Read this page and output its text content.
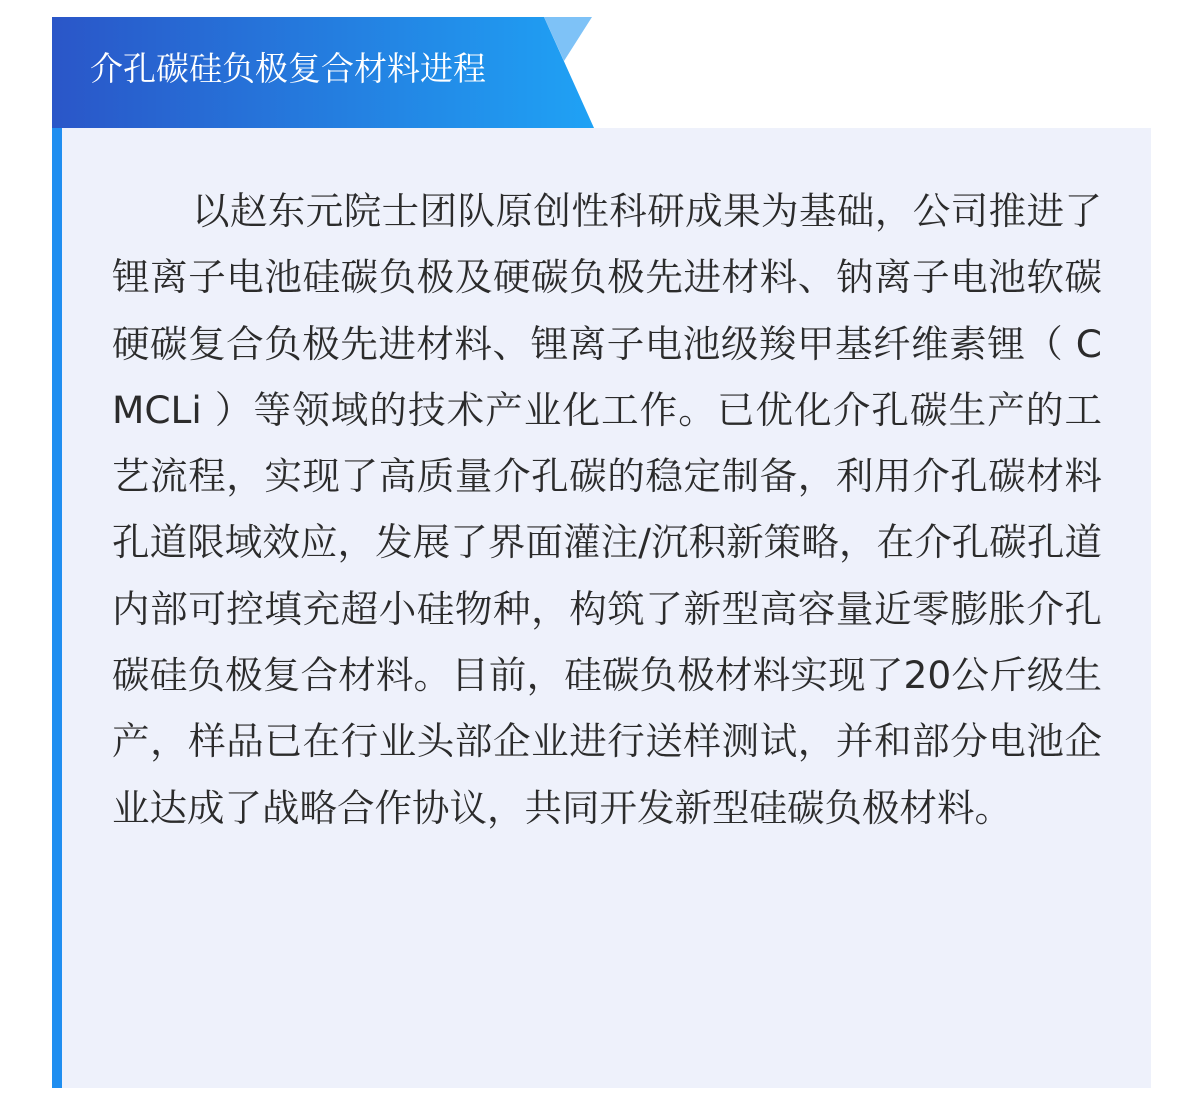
介孔碳硅负极复合材料进程

以赵东元院士团队原创性科研成果为基础，公司推进了锂离子电池硅碳负极及硬碳负极先进材料、钠离子电池软碳硬碳复合负极先进材料、锂离子电池级羧甲基纤维素锂（ CMCLi ）等领域的技术产业化工作。已优化介孔碳生产的工艺流程，实现了高质量介孔碳的稳定制备，利用介孔碳材料孔道限域效应，发展了界面灌注/沉积新策略，在介孔碳孔道内部可控填充超小硅物种，构筑了新型高容量近零膨胀介孔碳硅负极复合材料。目前，硅碳负极材料实现了20公斤级生产，样品已在行业头部企业进行送样测试，并和部分电池企业达成了战略合作协议，共同开发新型硅碳负极材料。
